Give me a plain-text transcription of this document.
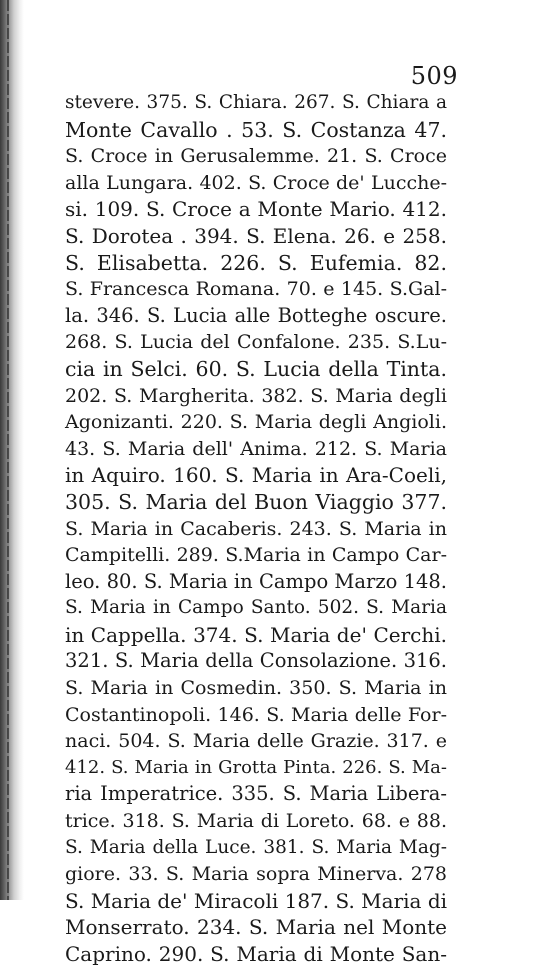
509
stevere. 375. S. Chiara. 267. S. Chiara a
Monte Cavallo . 53. S. Costanza 47.
S. Croce in Gerusalemme. 21. S. Croce
alla Lungara. 402. S. Croce de' Lucche-
si. 109. S. Croce a Monte Mario. 412.
S. Dorotea . 394. S. Elena. 26. e 258.
S. Elisabetta. 226. S. Eufemia. 82.
S. Francesca Romana. 70. e 145. S.Gal-
la. 346. S. Lucia alle Botteghe oscure.
268. S. Lucia del Confalone. 235. S.Lu-
cia in Selci. 60. S. Lucia della Tinta.
202. S. Margherita. 382. S. Maria degli
Agonizanti. 220. S. Maria degli Angioli.
43. S. Maria dell' Anima. 212. S. Maria
in Aquiro. 160. S. Maria in Ara-Coeli,
305. S. Maria del Buon Viaggio 377.
S. Maria in Cacaberis. 243. S. Maria in
Campitelli. 289. S.Maria in Campo Car-
leo. 80. S. Maria in Campo Marzo 148.
S. Maria in Campo Santo. 502. S. Maria
in Cappella. 374. S. Maria de' Cerchi.
321. S. Maria della Consolazione. 316.
S. Maria in Cosmedin. 350. S. Maria in
Costantinopoli. 146. S. Maria delle For-
naci. 504. S. Maria delle Grazie. 317. e
412. S. Maria in Grotta Pinta. 226. S. Ma-
ria Imperatrice. 335. S. Maria Libera-
trice. 318. S. Maria di Loreto. 68. e 88.
S. Maria della Luce. 381. S. Maria Mag-
giore. 33. S. Maria sopra Minerva. 278
S. Maria de' Miracoli 187. S. Maria di
Monserrato. 234. S. Maria nel Monte
Caprino. 290. S. Maria di Monte San-
